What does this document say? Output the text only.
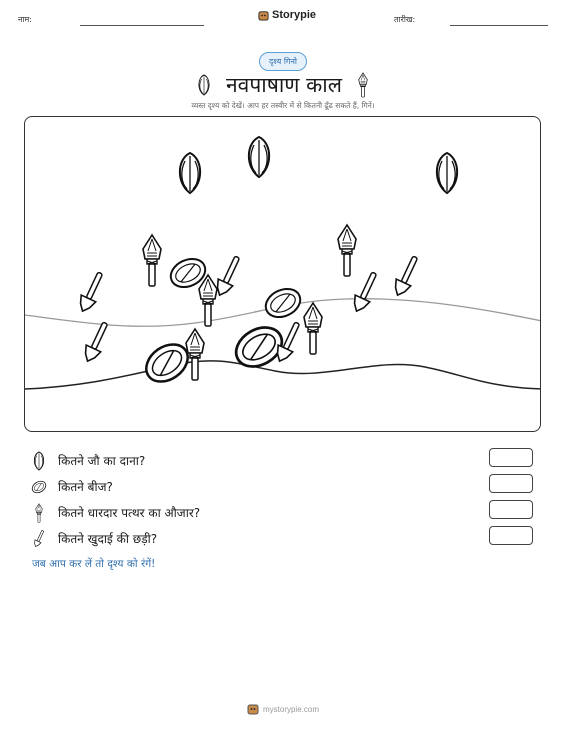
नाम:	Storypie	तारीख:
दृश्य गिनो
नवपाषाण काल
व्यस्त दृश्य को देखें। आप हर तस्वीर में से कितनी ढूँढ सकते हैं, गिनें।
कितने जौ का दाना?
कितने बीज?
कितने धारदार पत्थर का औजार?
कितने खुदाई की छड़ी?
जब आप कर लें तो दृश्य को रंगें!
mystorypie.com
